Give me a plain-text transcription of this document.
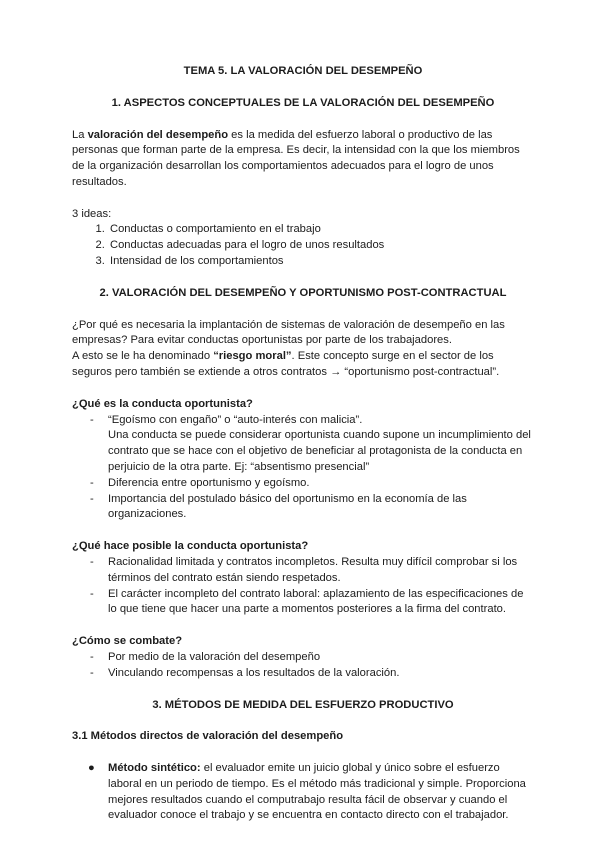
TEMA 5. LA VALORACIÓN DEL DESEMPEÑO

1. ASPECTOS CONCEPTUALES DE LA VALORACIÓN DEL DESEMPEÑO

La valoración del desempeño es la medida del esfuerzo laboral o productivo de las personas que forman parte de la empresa. Es decir, la intensidad con la que los miembros de la organización desarrollan los comportamientos adecuados para el logro de unos resultados.

3 ideas:

1. Conductas o comportamiento en el trabajo
2. Conductas adecuadas para el logro de unos resultados
3. Intensidad de los comportamientos

2. VALORACIÓN DEL DESEMPEÑO Y OPORTUNISMO POST-CONTRACTUAL

¿Por qué es necesaria la implantación de sistemas de valoración de desempeño en las empresas? Para evitar conductas oportunistas por parte de los trabajadores.

A esto se le ha denominado “riesgo moral”. Este concepto surge en el sector de los seguros pero también se extiende a otros contratos → “oportunismo post-contractual”.

¿Qué es la conducta oportunista?

- “Egoísmo con engaño” o “auto-interés con malicia”.
Una conducta se puede considerar oportunista cuando supone un incumplimiento del contrato que se hace con el objetivo de beneficiar al protagonista de la conducta en perjuicio de la otra parte. Ej: “absentismo presencial”
- Diferencia entre oportunismo y egoísmo.
- Importancia del postulado básico del oportunismo en la economía de las organizaciones.

¿Qué hace posible la conducta oportunista?

- Racionalidad limitada y contratos incompletos. Resulta muy difícil comprobar si los términos del contrato están siendo respetados.
- El carácter incompleto del contrato laboral: aplazamiento de las especificaciones de lo que tiene que hacer una parte a momentos posteriores a la firma del contrato.

¿Cómo se combate?

- Por medio de la valoración del desempeño
- Vinculando recompensas a los resultados de la valoración.

3. MÉTODOS DE MEDIDA DEL ESFUERZO PRODUCTIVO

3.1 Métodos directos de valoración del desempeño

● Método sintético: el evaluador emite un juicio global y único sobre el esfuerzo laboral en un periodo de tiempo. Es el método más tradicional y simple. Proporciona mejores resultados cuando el computrabajo resulta fácil de observar y cuando el evaluador conoce el trabajo y se encuentra en contacto directo con el trabajador.
